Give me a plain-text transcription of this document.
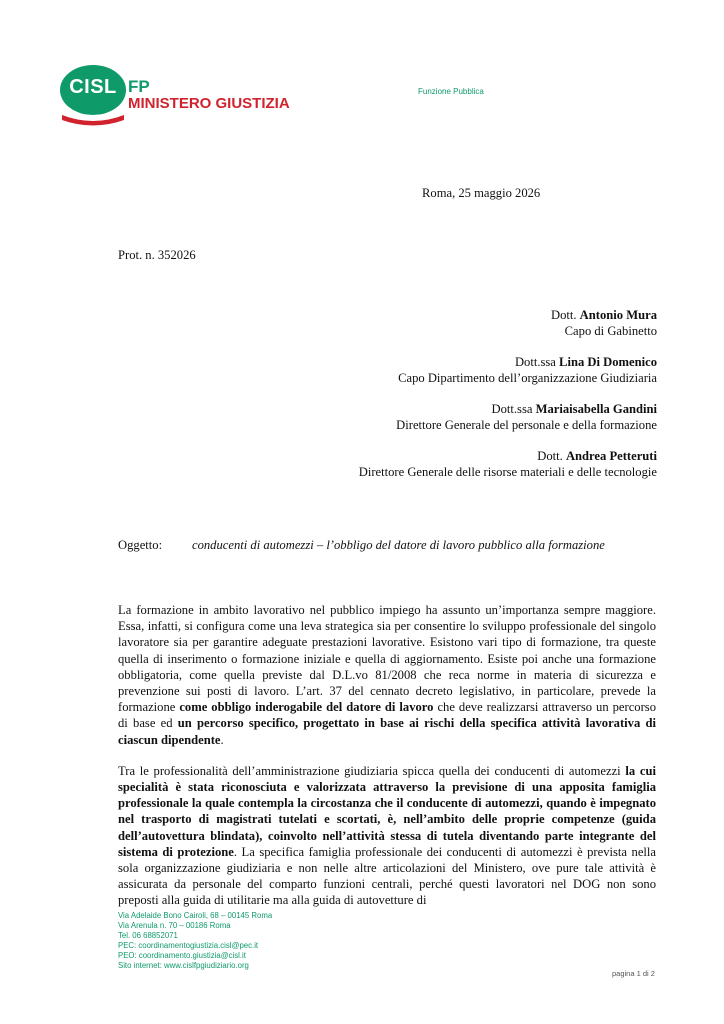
CISL FP
MINISTERO GIUSTIZIA
Funzione Pubblica
Roma, 25 maggio 2026
Prot. n. 352026
Dott. Antonio Mura
Capo di Gabinetto
Dott.ssa Lina Di Domenico
Capo Dipartimento dell’organizzazione Giudiziaria
Dott.ssa Mariaisabella Gandini
Direttore Generale del personale e della formazione
Dott. Andrea Petteruti
Direttore Generale delle risorse materiali e delle tecnologie
Oggetto: conducenti di automezzi – l’obbligo del datore di lavoro pubblico alla formazione

La formazione in ambito lavorativo nel pubblico impiego ha assunto un’importanza sempre maggiore. Essa, infatti, si configura come una leva strategica sia per consentire lo sviluppo professionale del singolo lavoratore sia per garantire adeguate prestazioni lavorative. Esistono vari tipo di formazione, tra queste quella di inserimento o formazione iniziale e quella di aggiornamento. Esiste poi anche una formazione obbligatoria, come quella previste dal D.L.vo 81/2008 che reca norme in materia di sicurezza e prevenzione sui posti di lavoro. L’art. 37 del cennato decreto legislativo, in particolare, prevede la formazione come obbligo inderogabile del datore di lavoro che deve realizzarsi attraverso un percorso di base ed un percorso specifico, progettato in base ai rischi della specifica attività lavorativa di ciascun dipendente.

Tra le professionalità dell’amministrazione giudiziaria spicca quella dei conducenti di automezzi la cui specialità è stata riconosciuta e valorizzata attraverso la previsione di una apposita famiglia professionale la quale contempla la circostanza che il conducente di automezzi, quando è impegnato nel trasporto di magistrati tutelati e scortati, è, nell’ambito delle proprie competenze (guida dell’autovettura blindata), coinvolto nell’attività stessa di tutela diventando parte integrante del sistema di protezione. La specifica famiglia professionale dei conducenti di automezzi è prevista nella sola organizzazione giudiziaria e non nelle altre articolazioni del Ministero, ove pure tale attività è assicurata da personale del comparto funzioni centrali, perché questi lavoratori nel DOG non sono preposti alla guida di utilitarie ma alla guida di autovetture di

Via Adelaide Bono Cairoli, 68 – 00145 Roma
Via Arenula n. 70 – 00186 Roma
Tel. 06 68852071
PEC: coordinamentogiustizia.cisl@pec.it
PEO: coordinamento.giustizia@cisl.it
Sito internet: www.cislfpgiudiziario.org
pagina 1 di 2
